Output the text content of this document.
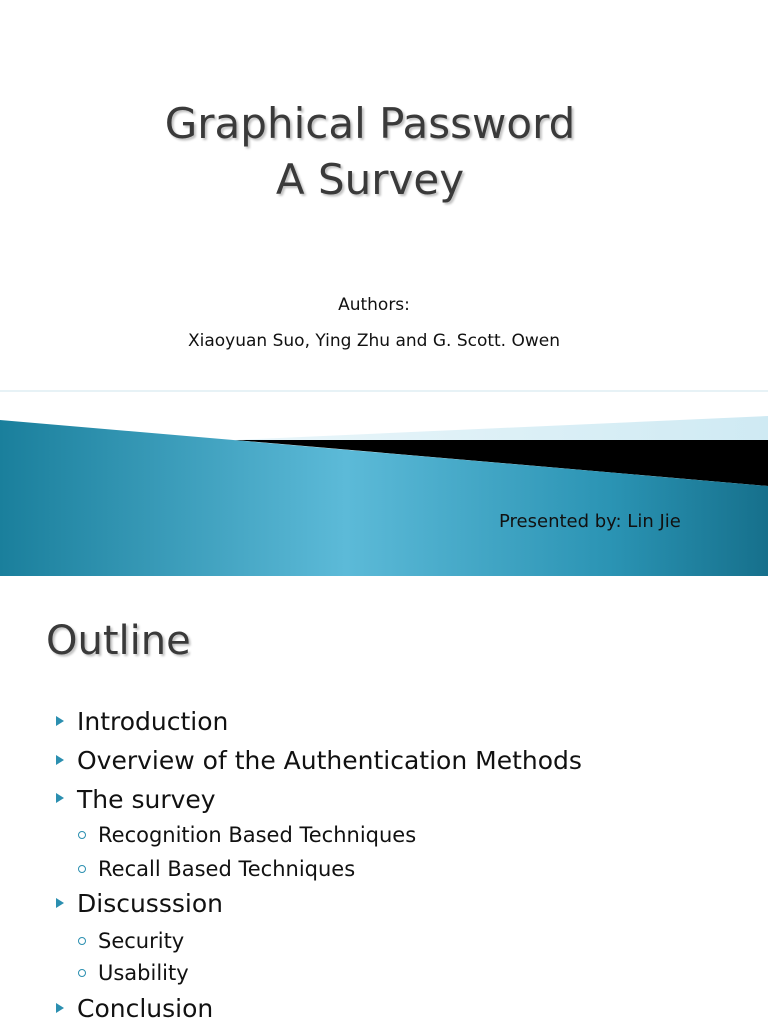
Graphical Password
A Survey
Authors:
Xiaoyuan Suo, Ying Zhu and G. Scott. Owen
Presented by: Lin Jie
Outline
Introduction
Overview of the Authentication Methods
The survey
Recognition Based Techniques
Recall Based Techniques
Discusssion
Security
Usability
Conclusion
